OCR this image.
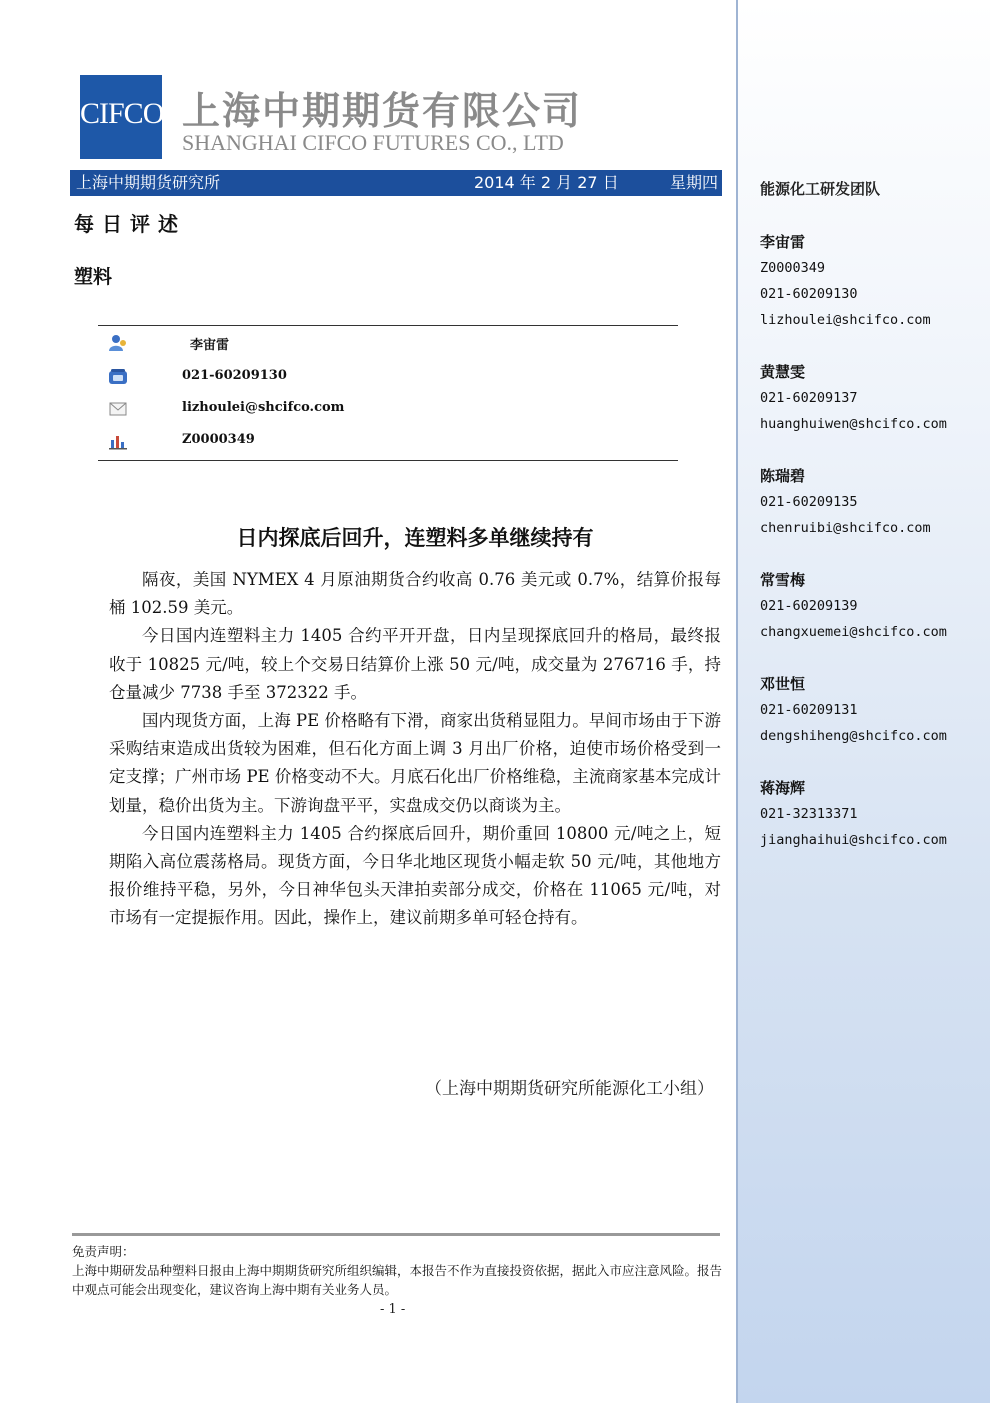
CIFCO 上海中期期货有限公司
SHANGHAI CIFCO FUTURES CO., LTD
上海中期期货研究所	2014 年 2 月 27 日	星期四
每日评述
塑料
李宙雷
021-60209130
lizhoulei@shcifco.com
Z0000349
日内探底后回升，连塑料多单继续持有

隔夜，美国 NYMEX 4 月原油期货合约收高 0.76 美元或 0.7%，结算价报每桶 102.59 美元。

今日国内连塑料主力 1405 合约平开开盘，日内呈现探底回升的格局，最终报收于 10825 元/吨，较上个交易日结算价上涨 50 元/吨，成交量为 276716 手，持仓量减少 7738 手至 372322 手。

国内现货方面，上海 PE 价格略有下滑，商家出货稍显阻力。早间市场由于下游采购结束造成出货较为困难，但石化方面上调 3 月出厂价格，迫使市场价格受到一定支撑；广州市场 PE 价格变动不大。月底石化出厂价格维稳，主流商家基本完成计划量，稳价出货为主。下游询盘平平，实盘成交仍以商谈为主。

今日国内连塑料主力 1405 合约探底后回升，期价重回 10800 元/吨之上，短期陷入高位震荡格局。现货方面，今日华北地区现货小幅走软 50 元/吨，其他地方报价维持平稳，另外，今日神华包头天津拍卖部分成交，价格在 11065 元/吨，对市场有一定提振作用。因此，操作上，建议前期多单可轻仓持有。

（上海中期期货研究所能源化工小组）
免责声明：
上海中期研发品种塑料日报由上海中期期货研究所组织编辑，本报告不作为直接投资依据，据此入市应注意风险。报告中观点可能会出现变化，建议咨询上海中期有关业务人员。
- 1 -
能源化工研发团队
李宙雷
Z0000349
021-60209130
lizhoulei@shcifco.com
黄慧雯
021-60209137
huanghuiwen@shcifco.com
陈瑞碧
021-60209135
chenruibi@shcifco.com
常雪梅
021-60209139
changxuemei@shcifco.com
邓世恒
021-60209131
dengshiheng@shcifco.com
蒋海辉
021-32313371
jianghaihui@shcifco.com
